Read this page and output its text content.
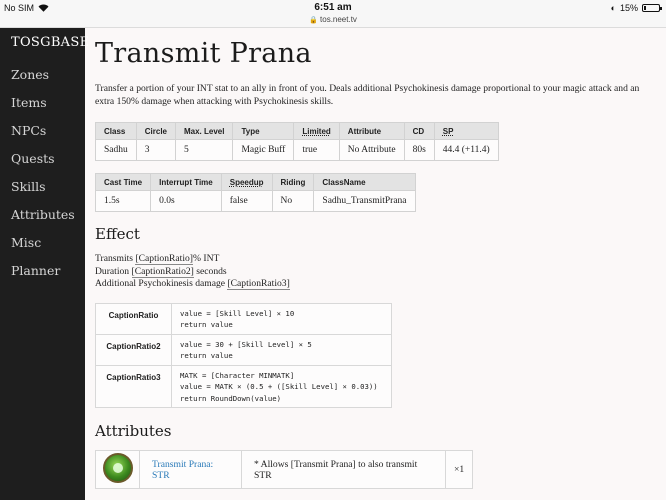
No SIM	6:51 am
🔒 tos.neet.tv
◐ 15%
TOSGBASE
Zones
Items
NPCs
Quests
Skills
Attributes
Misc
Planner
Transmit Prana

Transfer a portion of your INT stat to an ally in front of you. Deals additional Psychokinesis damage proportional to your magic attack and an extra 150% damage when attacking with Psychokinesis skills.

Class	Circle	Max. Level	Type	Limited	Attribute	CD	SP
Sadhu	3	5	Magic Buff	true	No Attribute	80s	44.4 (+11.4)
Cast Time	Interrupt Time	Speedup	Riding	ClassName
1.5s	0.0s	false	No	Sadhu_TransmitPrana
Effect
Transmits [CaptionRatio]% INT
Duration [CaptionRatio2] seconds
Additional Psychokinesis damage [CaptionRatio3]
CaptionRatio	value = [Skill Level] × 10
return value
CaptionRatio2	value = 30 + [Skill Level] × 5
return value
CaptionRatio3	MATK = [Character MINMATK]
value = MATK × (0.5 + ([Skill Level] × 0.03))
return RoundDown(value)
Attributes
	Transmit Prana: STR	* Allows [Transmit Prana] to also transmit STR	×1
